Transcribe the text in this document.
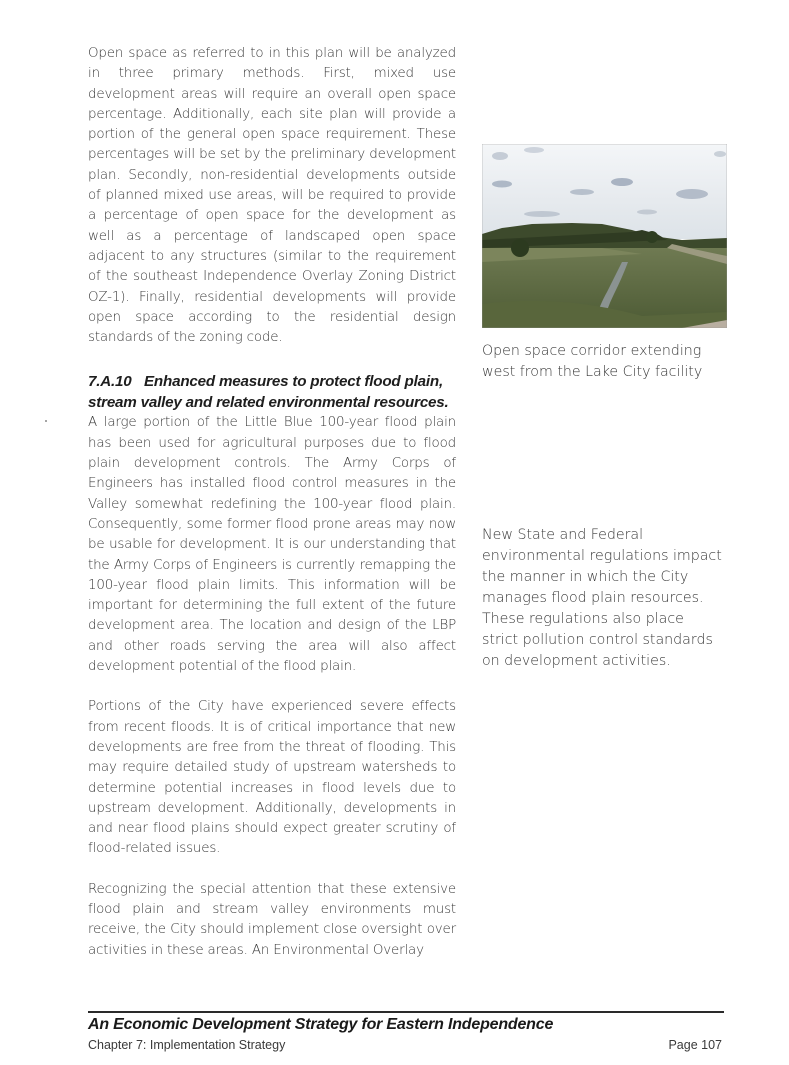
Open space as referred to in this plan will be analyzed in three primary methods. First, mixed use development areas will require an overall open space percentage. Additionally, each site plan will provide a portion of the general open space requirement. These percentages will be set by the preliminary development plan. Secondly, non-residential developments outside of planned mixed use areas, will be required to provide a percentage of open space for the development as well as a percentage of landscaped open space adjacent to any structures (similar to the requirement of the southeast Independence Overlay Zoning District OZ-1). Finally, residential developments will provide open space according to the residential design standards of the zoning code.

7.A.10 Enhanced measures to protect flood plain, stream valley and related environmental resources.

A large portion of the Little Blue 100-year flood plain has been used for agricultural purposes due to flood plain development controls. The Army Corps of Engineers has installed flood control measures in the Valley somewhat redefining the 100-year flood plain. Consequently, some former flood prone areas may now be usable for development. It is our understanding that the Army Corps of Engineers is currently remapping the 100-year flood plain limits. This information will be important for determining the full extent of the future development area. The location and design of the LBP and other roads serving the area will also affect development potential of the flood plain.

Portions of the City have experienced severe effects from recent floods. It is of critical importance that new developments are free from the threat of flooding. This may require detailed study of upstream watersheds to determine potential increases in flood levels due to upstream development. Additionally, developments in and near flood plains should expect greater scrutiny of flood-related issues.

Recognizing the special attention that these extensive flood plain and stream valley environments must receive, the City should implement close oversight over activities in these areas. An Environmental Overlay

Open space corridor extending west from the Lake City facility
New State and Federal environmental regulations impact the manner in which the City manages flood plain resources. These regulations also place strict pollution control standards on development activities.
An Economic Development Strategy for Eastern Independence
Chapter 7: Implementation Strategy	Page 107
